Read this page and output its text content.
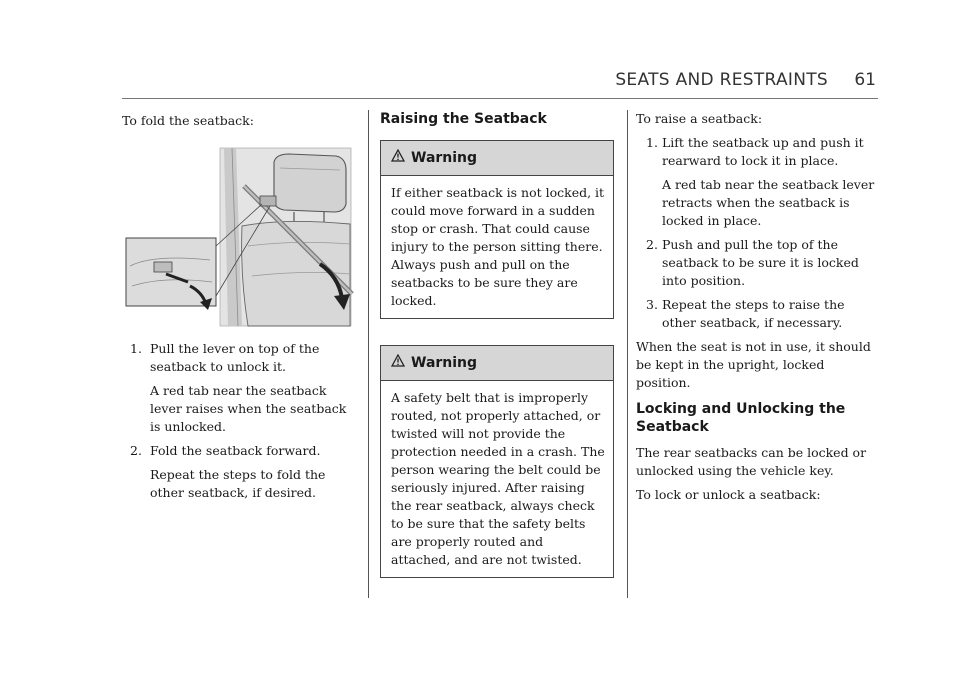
SEATS AND RESTRAINTS 61
To fold the seatback:
1. Pull the lever on top of the seatback to unlock it.
A red tab near the seatback lever raises when the seatback is unlocked.
2. Fold the seatback forward.
Repeat the steps to fold the other seatback, if desired.
Raising the Seatback
Warning
If either seatback is not locked, it could move forward in a sudden stop or crash. That could cause injury to the person sitting there. Always push and pull on the seatbacks to be sure they are locked.
Warning
A safety belt that is improperly routed, not properly attached, or twisted will not provide the protection needed in a crash. The person wearing the belt could be seriously injured. After raising the rear seatback, always check to be sure that the safety belts are properly routed and attached, and are not twisted.

To raise a seatback:

1. Lift the seatback up and push it rearward to lock it in place.
A red tab near the seatback lever retracts when the seatback is locked in place.
2. Push and pull the top of the seatback to be sure it is locked into position.
3. Repeat the steps to raise the other seatback, if necessary.

When the seat is not in use, it should be kept in the upright, locked position.

Locking and Unlocking the Seatback

The rear seatbacks can be locked or unlocked using the vehicle key.

To lock or unlock a seatback:
